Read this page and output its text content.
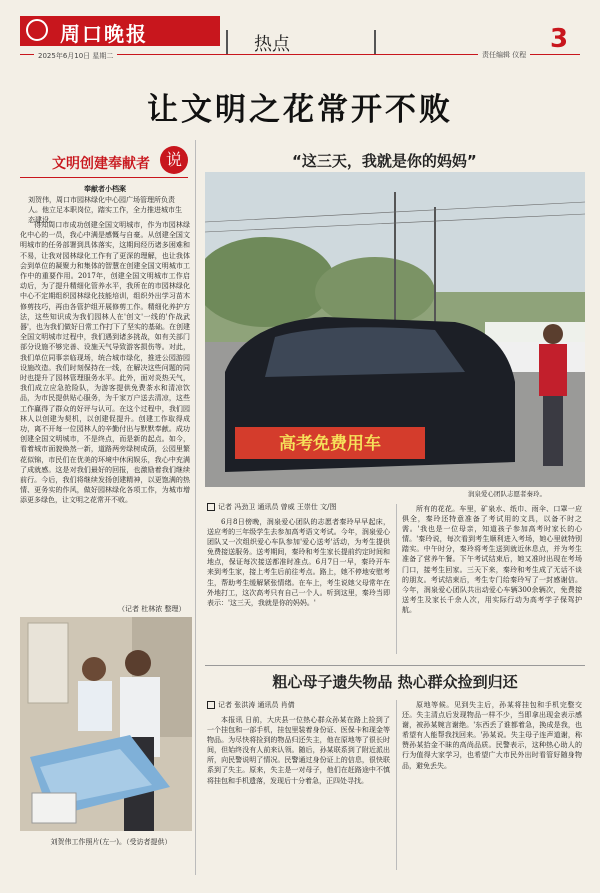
周口晚报
2025年6月10日 星期二
热点	责任编辑 仪程
3
让文明之花常开不败
文明创建奉献者 说
奉献者小档案
刘贺伟，周口市园林绿化中心园广场管理所负责人。他立足本职岗位，踏实工作，全力推进城市生态建设。
得知周口市成功创建全国文明城市，作为市园林绿化中心的一员，我心中满是感慨与自豪。从创建全国文明城市的任务部署到具体落实，这期间经历诸多困难和不易，让我对园林绿化工作有了更深的理解，也让我体会到单位的凝聚力和集体的智慧在创建全国文明城市工作中的重要作用。2017年，创建全国文明城市工作启动后，为了提升精细化管养水平，我所在的市园林绿化中心不定期组织园林绿化技能培训，组织外出学习苗木修剪技巧，再由各管护组开展修剪工作。精细化养护方法，这些知识成为我们园林人在'创文'一线的'作战武器'，也为我们做好日常工作打下了坚实的基础。在创建全国文明城市过程中，我们遇到诸多挑战，如有关部门部分设施不够完善、设施天气导致游客损伤等。对此，我们单位同事亲临现场，统合城市绿化，推进公园游园设施改造。我们时刻保持在一线，在解决这些问题的同时也提升了园林管理服务水平。此外，面对炎热天气，我们成立应急抢险队，为游客提供免费茶水和清凉饮品，为市民提供贴心服务，为千家万户送去清凉，这些工作赢得了群众的好评与认可。在这个过程中，我们园林人以创建为契机，以创建促提升。创建工作取得成功，离不开每一位园林人的辛勤付出与默默奉献。成功创建全国文明城市，不是终点，而是新的起点。如今，看着城市面貌焕然一新，道路两旁绿树成荫，公园里繁花似锦，市民们在优美的环境中休闲娱乐，我心中充满了成就感。这是对我们最好的回报，也激励着我们继续前行。今后，我们将继续发扬创建精神，以更饱满的热情、更务实的作风，做好园林绿化各项工作，为城市增添更多绿色，让文明之花常开不败。
（记者 杜林浓 整理）
刘贺伟工作照片(左一)。（受访者提供）
“这三天，我就是你的妈妈”
高考免费用车
润泉爱心团队志愿者秦玲。
记者 冯劲卫 通讯员 曾威 王崇仕 文/图
6月8日傍晚，润泉爱心团队的志愿者秦玲早早起床，送应考的三年级学生去参加高考语文考试。今年，润泉爱心团队又一次组织爱心车队参加'爱心送考'活动，为考生提供免费接送服务。送考期间，秦玲和考生家长提前约定时间和地点，保证每次接送都准时准点。6月7日一早，秦玲开车来到考生家，接上考生后前往考点。路上，她不停地安慰考生，帮助考生缓解紧张情绪。在车上，考生说她父母常年在外地打工，这次高考只有自己一个人。听到这里，秦玲当即表示：'这三天，我就是你的妈妈。'
所有的花花。车里，矿泉水、纸巾、雨伞、口罩一应俱全，秦玲还特意准备了考试用的文具，以备不时之需。'我也是一位母亲，知道孩子参加高考时家长的心情。'秦玲说，每次看到考生顺利进入考场，她心里就特别踏实。中午时分，秦玲将考生送到就近休息点，并为考生准备了营养午餐。下午考试结束后，她又准时出现在考场门口，接考生回家。三天下来，秦玲和考生成了无话不谈的朋友。考试结束后，考生专门给秦玲写了一封感谢信。今年，润泉爱心团队共出动爱心车辆300余辆次，免费接送考生及家长千余人次，用实际行动为高考学子保驾护航。
粗心母子遗失物品 热心群众捡到归还
记者 张洪涛 通讯员 肖倩
本报讯 日前，大庆县一位热心群众孙某在路上捡到了一个挂包和一部手机，挂包里装着身份证、医保卡和现金等物品。为尽快将捡到的物品归还失主，他在原地等了很长时间，但始终没有人前来认领。随后，孙某联系到了附近派出所，向民警说明了情况。民警通过身份证上的信息，很快联系到了失主。原来，失主是一对母子，他们在赶路途中不慎将挂包和手机遗落，发现后十分着急，正四处寻找。
原地等候。见到失主后，孙某将挂包和手机完整交还。失主清点后发现物品一样不少，当即拿出现金表示感谢，被孙某婉言谢绝。'东西丢了谁都着急，换成是我，也希望有人能帮我找回来。'孙某说。失主母子连声道谢，称赞孙某拾金不昧的高尚品质。民警表示，这种热心助人的行为值得大家学习，也希望广大市民外出时看管好随身物品，避免丢失。
